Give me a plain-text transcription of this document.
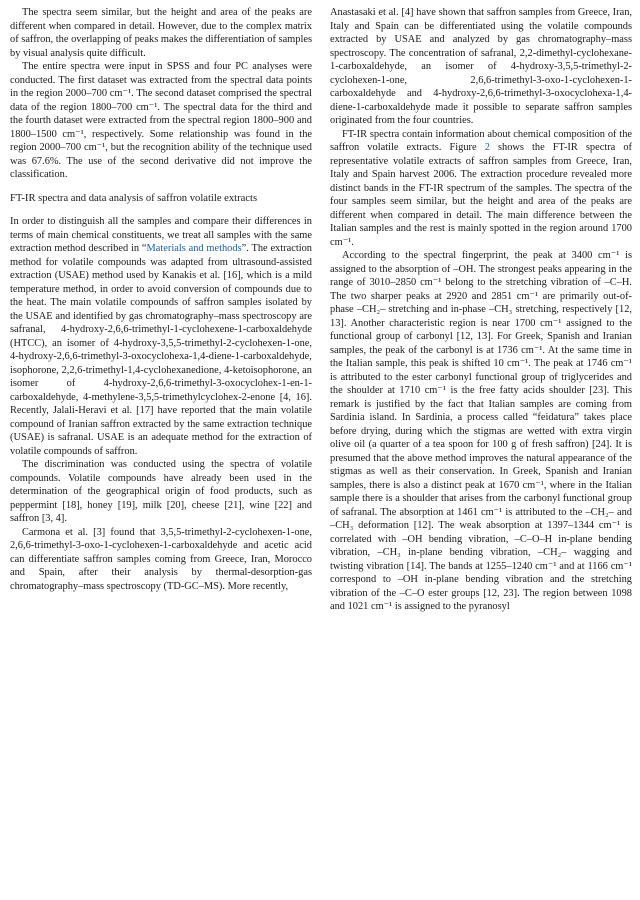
The spectra seem similar, but the height and area of the peaks are different when compared in detail. However, due to the complex matrix of saffron, the overlapping of peaks makes the differentiation of samples by visual analysis quite difficult.

The entire spectra were input in SPSS and four PC analyses were conducted. The first dataset was extracted from the spectral data points in the region 2000–700 cm⁻¹. The second dataset comprised the spectral data of the region 1800–700 cm⁻¹. The spectral data for the third and the fourth dataset were extracted from the spectral region 1800–900 and 1800–1500 cm⁻¹, respectively. Some relationship was found in the region 2000–700 cm⁻¹, but the recognition ability of the technique used was 67.6%. The use of the second derivative did not improve the classification.

FT-IR spectra and data analysis of saffron volatile extracts

In order to distinguish all the samples and compare their differences in terms of main chemical constituents, we treat all samples with the same extraction method described in “Materials and methods”. The extraction method for volatile compounds was adapted from ultrasound-assisted extraction (USAE) method used by Kanakis et al. [16], which is a mild temperature method, in order to avoid conversion of compounds due to the heat. The main volatile compounds of saffron samples isolated by the USAE and identified by gas chromatography–mass spectroscopy are safranal, 4-hydroxy-2,6,6-trimethyl-1-cyclohexene-1-carboxaldehyde (HTCC), an isomer of 4-hydroxy-3,5,5-trimethyl-2-cyclohexen-1-one, 4-hydroxy-2,6,6-trimethyl-3-oxocyclohexa-1,4-diene-1-carboxaldehyde, isophorone, 2,2,6-trimethyl-1,4-cyclohexanedione, 4-ketoisophorone, an isomer of 4-hydroxy-2,6,6-trimethyl-3-oxocyclohex-1-en-1-carboxaldehyde, 4-methylene-3,5,5-trimethylcyclohex-2-enone [4, 16]. Recently, Jalali-Heravi et al. [17] have reported that the main volatile compound of Iranian saffron extracted by the same extraction technique (USAE) is safranal. USAE is an adequate method for the extraction of volatile compounds of saffron.

The discrimination was conducted using the spectra of volatile compounds. Volatile compounds have already been used in the determination of the geographical origin of food products, such as peppermint [18], honey [19], milk [20], cheese [21], wine [22] and saffron [3, 4].

Carmona et al. [3] found that 3,5,5-trimethyl-2-cyclohexen-1-one, 2,6,6-trimethyl-3-oxo-1-cyclohexen-1-carboxaldehyde and acetic acid can differentiate saffron samples coming from Greece, Iran, Morocco and Spain, after their analysis by thermal-desorption-gas chromatography–mass spectroscopy (TD-GC–MS). More recently,

Anastasaki et al. [4] have shown that saffron samples from Greece, Iran, Italy and Spain can be differentiated using the volatile compounds extracted by USAE and analyzed by gas chromatography–mass spectroscopy. The concentration of safranal, 2,2-dimethyl-cyclohexane-1-carboxaldehyde, an isomer of 4-hydroxy-3,5,5-trimethyl-2-cyclohexen-1-one, 2,6,6-trimethyl-3-oxo-1-cyclohexen-1-carboxaldehyde and 4-hydroxy-2,6,6-trimethyl-3-oxocyclohexa-1,4-diene-1-carboxaldehyde made it possible to separate saffron samples originated from the four countries.

FT-IR spectra contain information about chemical composition of the saffron volatile extracts. Figure 2 shows the FT-IR spectra of representative volatile extracts of saffron samples from Greece, Iran, Italy and Spain harvest 2006. The extraction procedure revealed more distinct bands in the FT-IR spectrum of the samples. The spectra of the four samples seem similar, but the height and area of the peaks are different when compared in detail. The main difference between the Italian samples and the rest is mainly spotted in the region around 1700 cm⁻¹.

According to the spectral fingerprint, the peak at 3400 cm⁻¹ is assigned to the absorption of –OH. The strongest peaks appearing in the range of 3010–2850 cm⁻¹ belong to the stretching vibration of –C–H. The two sharper peaks at 2920 and 2851 cm⁻¹ are primarily out-of-phase –CH₂– stretching and in-phase –CH₃ stretching, respectively [12, 13]. Another characteristic region is near 1700 cm⁻¹ assigned to the functional group of carbonyl [12, 13]. For Greek, Spanish and Iranian samples, the peak of the carbonyl is at 1736 cm⁻¹. At the same time in the Italian sample, this peak is shifted 10 cm⁻¹. The peak at 1746 cm⁻¹ is attributed to the ester carbonyl functional group of triglycerides and the shoulder at 1710 cm⁻¹ is the free fatty acids shoulder [23]. This remark is justified by the fact that Italian samples are coming from Sardinia island. In Sardinia, a process called “feidatura” takes place before drying, during which the stigmas are wetted with extra virgin olive oil (a quarter of a tea spoon for 100 g of fresh saffron) [24]. It is presumed that the above method improves the natural appearance of the stigmas as well as their conservation. In Greek, Spanish and Iranian samples, there is also a distinct peak at 1670 cm⁻¹, where in the Italian sample there is a shoulder that arises from the carbonyl functional group of safranal. The absorption at 1461 cm⁻¹ is attributed to the –CH₂– and –CH₃ deformation [12]. The weak absorption at 1397–1344 cm⁻¹ is correlated with –OH bending vibration, –C–O–H in-plane bending vibration, –CH₃ in-plane bending vibration, –CH₂– wagging and twisting vibration [14]. The bands at 1255–1240 cm⁻¹ and at 1166 cm⁻¹ correspond to –OH in-plane bending vibration and the stretching vibration of the –C–O ester groups [12, 23]. The region between 1098 and 1021 cm⁻¹ is assigned to the pyranosyl
